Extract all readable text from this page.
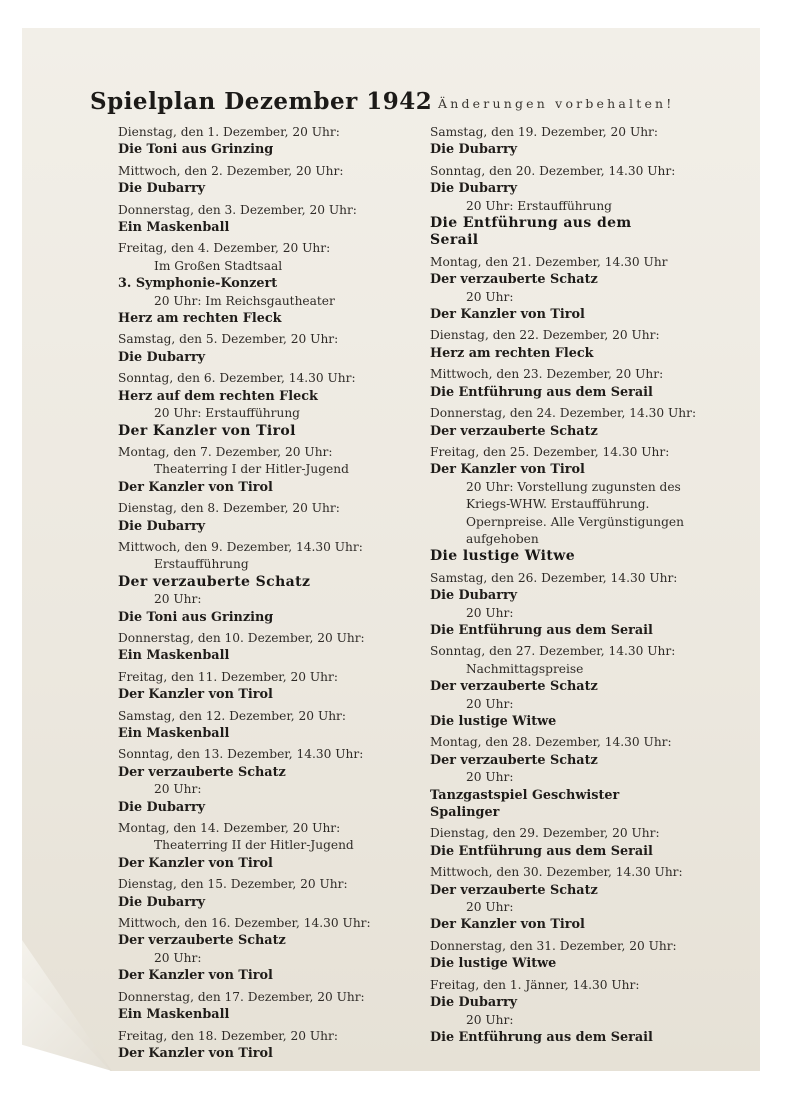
Spielplan Dezember 1942 Änderungen vorbehalten!
Dienstag, den 1. Dezember, 20 Uhr:
Die Toni aus Grinzing
Mittwoch, den 2. Dezember, 20 Uhr:
Die Dubarry
Donnerstag, den 3. Dezember, 20 Uhr:
Ein Maskenball
Freitag, den 4. Dezember, 20 Uhr:
Im Großen Stadtsaal
3. Symphonie-Konzert
20 Uhr: Im Reichsgautheater
Herz am rechten Fleck
Samstag, den 5. Dezember, 20 Uhr:
Die Dubarry
Sonntag, den 6. Dezember, 14.30 Uhr:
Herz auf dem rechten Fleck
20 Uhr: Erstaufführung
Der Kanzler von Tirol
Montag, den 7. Dezember, 20 Uhr:
Theaterring I der Hitler-Jugend
Der Kanzler von Tirol
Dienstag, den 8. Dezember, 20 Uhr:
Die Dubarry
Mittwoch, den 9. Dezember, 14.30 Uhr:
Erstaufführung
Der verzauberte Schatz
20 Uhr:
Die Toni aus Grinzing
Donnerstag, den 10. Dezember, 20 Uhr:
Ein Maskenball
Freitag, den 11. Dezember, 20 Uhr:
Der Kanzler von Tirol
Samstag, den 12. Dezember, 20 Uhr:
Ein Maskenball
Sonntag, den 13. Dezember, 14.30 Uhr:
Der verzauberte Schatz
20 Uhr:
Die Dubarry
Montag, den 14. Dezember, 20 Uhr:
Theaterring II der Hitler-Jugend
Der Kanzler von Tirol
Dienstag, den 15. Dezember, 20 Uhr:
Die Dubarry
Mittwoch, den 16. Dezember, 14.30 Uhr:
Der verzauberte Schatz
20 Uhr:
Der Kanzler von Tirol
Donnerstag, den 17. Dezember, 20 Uhr:
Ein Maskenball
Freitag, den 18. Dezember, 20 Uhr:
Der Kanzler von Tirol
Samstag, den 19. Dezember, 20 Uhr:
Die Dubarry
Sonntag, den 20. Dezember, 14.30 Uhr:
Die Dubarry
20 Uhr: Erstaufführung
Die Entführung aus dem
Serail
Montag, den 21. Dezember, 14.30 Uhr
Der verzauberte Schatz
20 Uhr:
Der Kanzler von Tirol
Dienstag, den 22. Dezember, 20 Uhr:
Herz am rechten Fleck
Mittwoch, den 23. Dezember, 20 Uhr:
Die Entführung aus dem Serail
Donnerstag, den 24. Dezember, 14.30 Uhr:
Der verzauberte Schatz
Freitag, den 25. Dezember, 14.30 Uhr:
Der Kanzler von Tirol
20 Uhr: Vorstellung zugunsten des
Kriegs-WHW. Erstaufführung.
Opernpreise. Alle Vergünstigungen
aufgehoben
Die lustige Witwe
Samstag, den 26. Dezember, 14.30 Uhr:
Die Dubarry
20 Uhr:
Die Entführung aus dem Serail
Sonntag, den 27. Dezember, 14.30 Uhr:
Nachmittagspreise
Der verzauberte Schatz
20 Uhr:
Die lustige Witwe
Montag, den 28. Dezember, 14.30 Uhr:
Der verzauberte Schatz
20 Uhr:
Tanzgastspiel Geschwister
Spalinger
Dienstag, den 29. Dezember, 20 Uhr:
Die Entführung aus dem Serail
Mittwoch, den 30. Dezember, 14.30 Uhr:
Der verzauberte Schatz
20 Uhr:
Der Kanzler von Tirol
Donnerstag, den 31. Dezember, 20 Uhr:
Die lustige Witwe
Freitag, den 1. Jänner, 14.30 Uhr:
Die Dubarry
20 Uhr:
Die Entführung aus dem Serail
